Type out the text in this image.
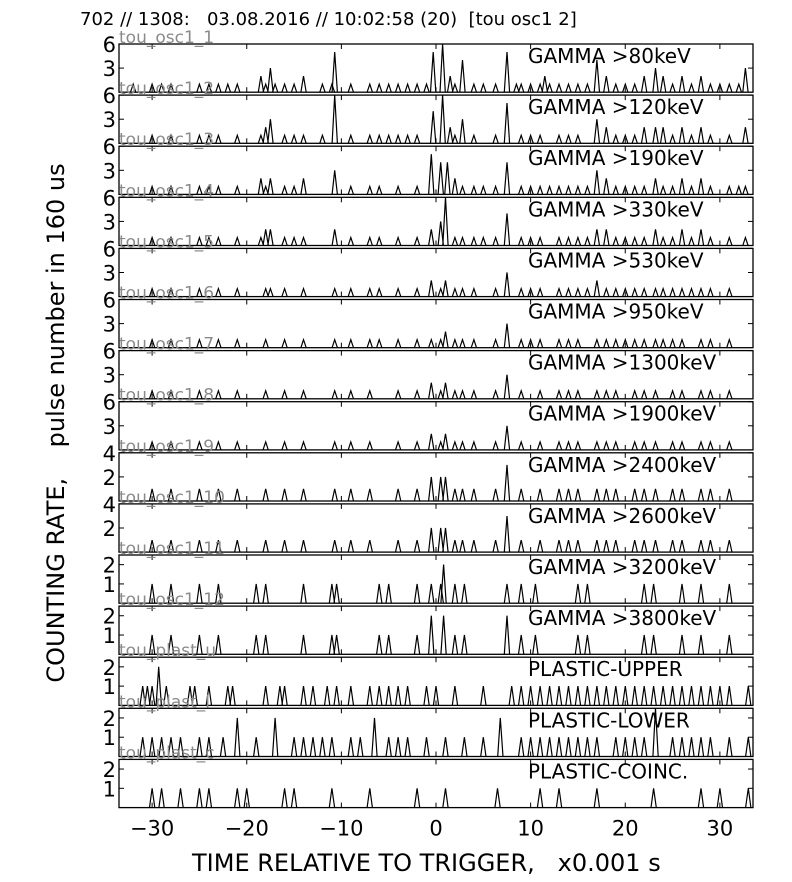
702 // 1308:   03.08.2016 // 10:02:58 (20)  [tou osc1 2]
COUNTING RATE,    pulse number in 160 us
TIME RELATIVE TO TRIGGER,   x0.001 s
3
6	GAMMA >80keV
tou_osc1_1
3
6	GAMMA >120keV
tou_osc1_2
3
6	GAMMA >190keV
tou_osc1_3
3
6	GAMMA >330keV
tou_osc1_4
3
6	GAMMA >530keV
tou_osc1_5
3
6	GAMMA >950keV
tou_osc1_6
3
6	GAMMA >1300keV
tou_osc1_7
3
6	GAMMA >1900keV
tou_osc1_8
2
4	GAMMA >2400keV
tou_osc1_9
2
4	GAMMA >2600keV
tou_osc1_10
1
2	GAMMA >3200keV
tou_osc1_11
1
2	GAMMA >3800keV
tou_osc1_12
1
2	PLASTIC-UPPER
tou_plast_u
1
2	PLASTIC-LOWER
tou_plast_l
1
2	PLASTIC-COINC.
tou_plast_c
−30 −20 −10	0	10	20	30
